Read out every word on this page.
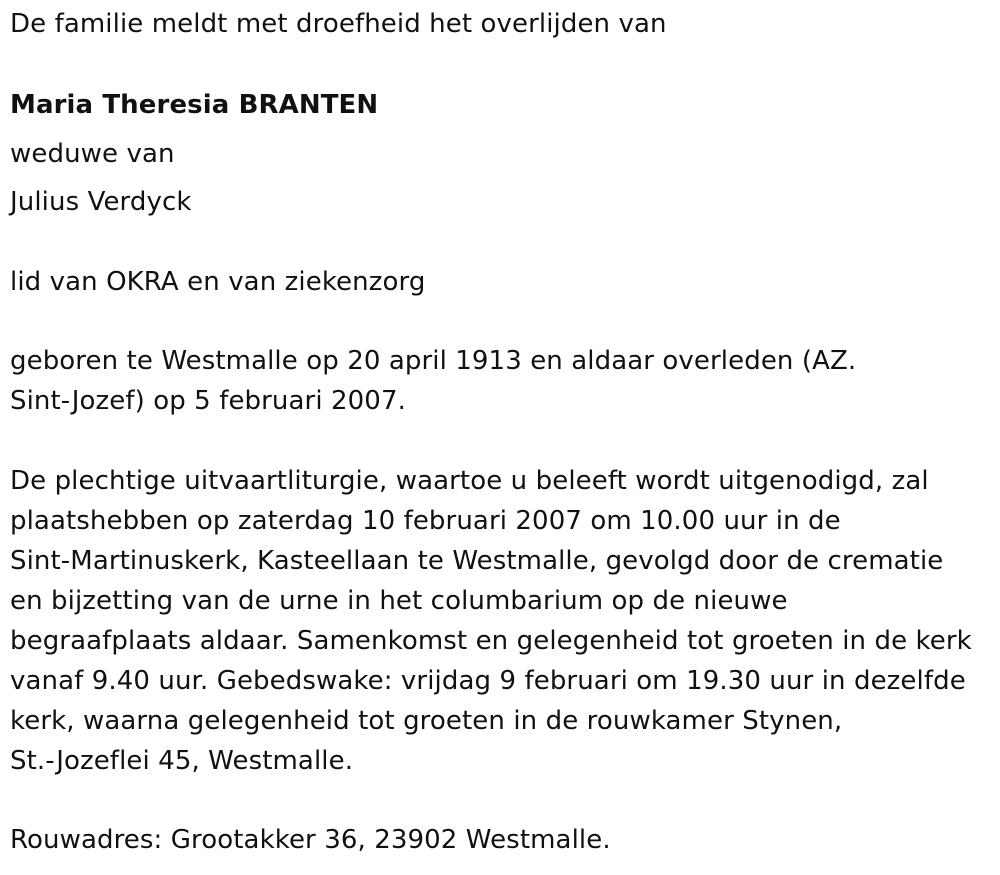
De familie meldt met droefheid het overlijden van

Maria Theresia BRANTEN

weduwe van

Julius Verdyck

lid van OKRA en van ziekenzorg

geboren te Westmalle op 20 april 1913 en aldaar overleden (AZ.

Sint-Jozef) op 5 februari 2007.

De plechtige uitvaartliturgie, waartoe u beleeft wordt uitgenodigd, zal

plaatshebben op zaterdag 10 februari 2007 om 10.00 uur in de

Sint-Martinuskerk, Kasteellaan te Westmalle, gevolgd door de crematie

en bijzetting van de urne in het columbarium op de nieuwe

begraafplaats aldaar. Samenkomst en gelegenheid tot groeten in de kerk

vanaf 9.40 uur. Gebedswake: vrijdag 9 februari om 19.30 uur in dezelfde

kerk, waarna gelegenheid tot groeten in de rouwkamer Stynen,

St.-Jozeflei 45, Westmalle.

Rouwadres: Grootakker 36, 23902 Westmalle.
